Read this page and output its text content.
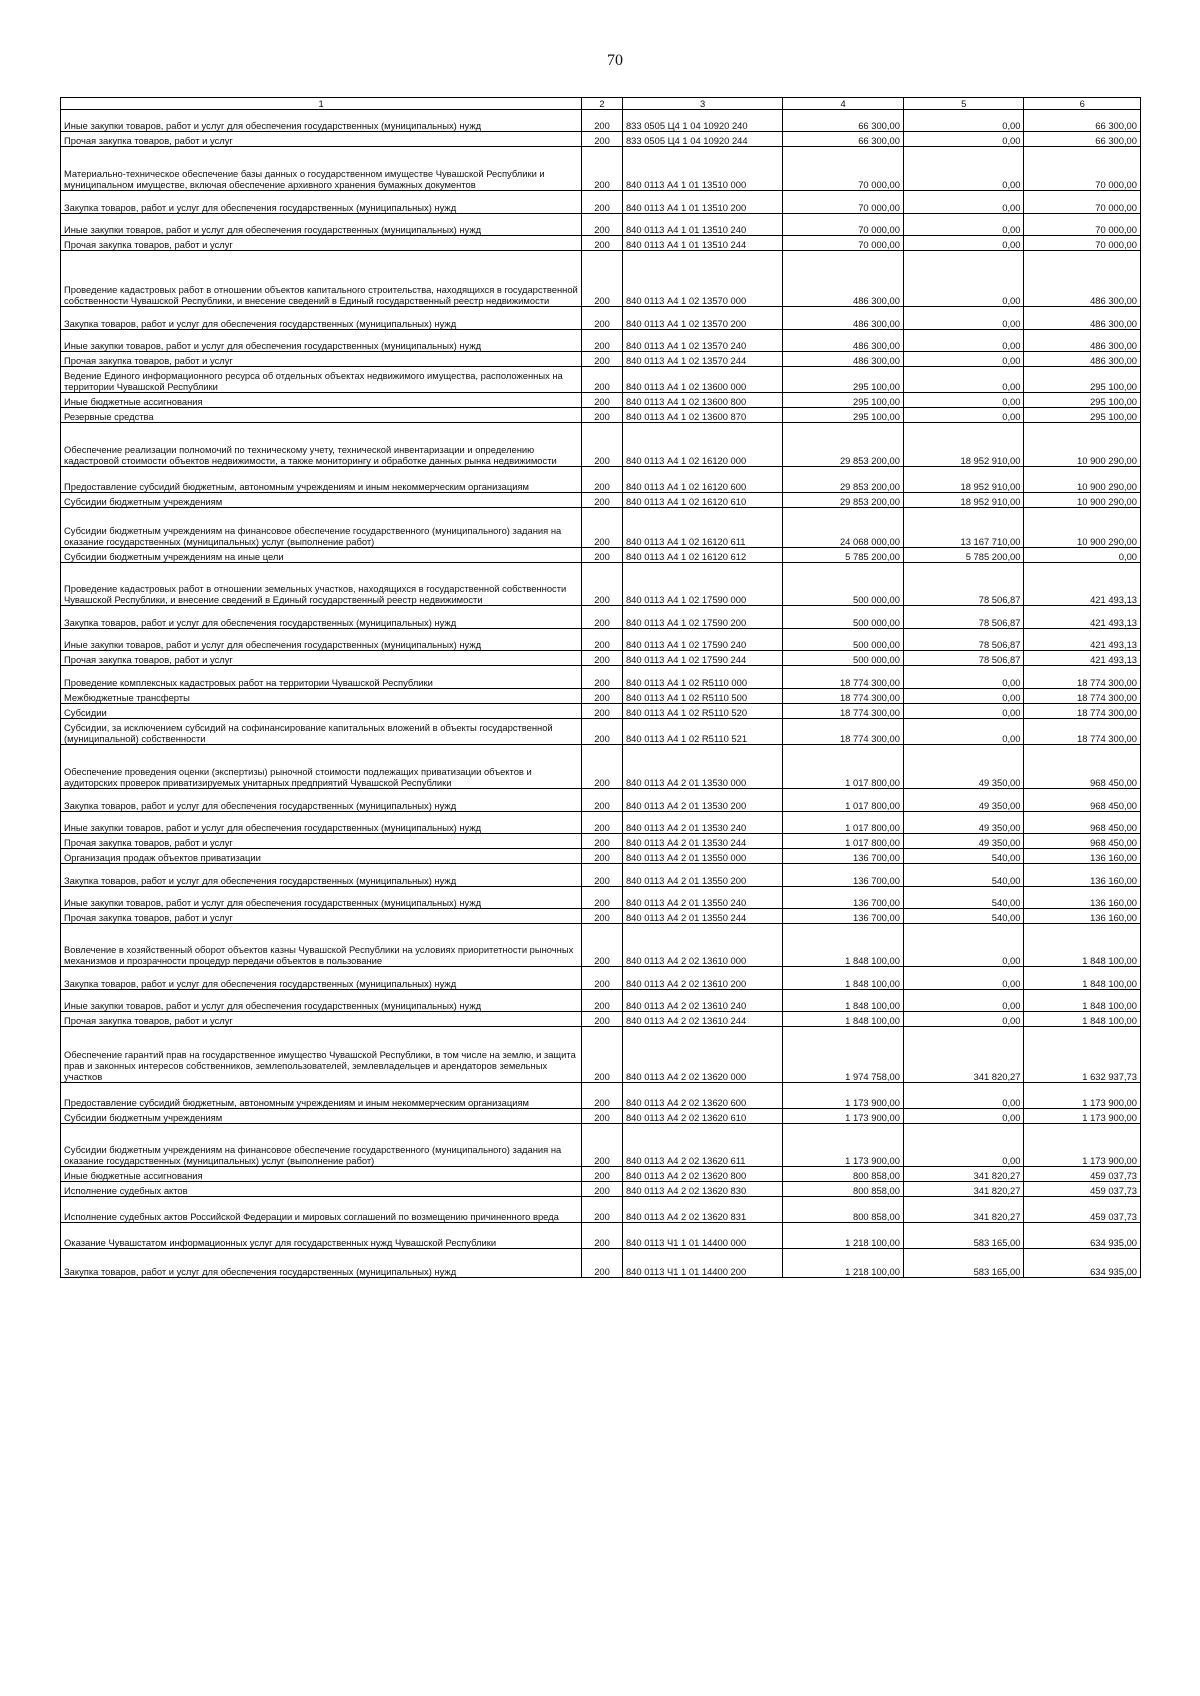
70
1	2	3	4	5	6
Иные закупки товаров, работ и услуг для обеспечения государственных (муниципальных) нужд	200	833 0505 Ц4 1 04 10920 240	66 300,00	0,00	66 300,00
Прочая закупка товаров, работ и услуг	200	833 0505 Ц4 1 04 10920 244	66 300,00	0,00	66 300,00
Материально-техническое обеспечение базы данных о государственном имуществе Чувашской Республики и муниципальном имуществе, включая обеспечение архивного хранения бумажных документов	200	840 0113 А4 1 01 13510 000	70 000,00	0,00	70 000,00
Закупка товаров, работ и услуг для обеспечения государственных (муниципальных) нужд	200	840 0113 А4 1 01 13510 200	70 000,00	0,00	70 000,00
Иные закупки товаров, работ и услуг для обеспечения государственных (муниципальных) нужд	200	840 0113 А4 1 01 13510 240	70 000,00	0,00	70 000,00
Прочая закупка товаров, работ и услуг	200	840 0113 А4 1 01 13510 244	70 000,00	0,00	70 000,00
Проведение кадастровых работ в отношении объектов капитального строительства, находящихся в государственной собственности Чувашской Республики, и внесение сведений в Единый государственный реестр недвижимости	200	840 0113 А4 1 02 13570 000	486 300,00	0,00	486 300,00
Закупка товаров, работ и услуг для обеспечения государственных (муниципальных) нужд	200	840 0113 А4 1 02 13570 200	486 300,00	0,00	486 300,00
Иные закупки товаров, работ и услуг для обеспечения государственных (муниципальных) нужд	200	840 0113 А4 1 02 13570 240	486 300,00	0,00	486 300,00
Прочая закупка товаров, работ и услуг	200	840 0113 А4 1 02 13570 244	486 300,00	0,00	486 300,00
Ведение Единого информационного ресурса об отдельных объектах недвижимого имущества, расположенных на территории Чувашской Республики	200	840 0113 А4 1 02 13600 000	295 100,00	0,00	295 100,00
Иные бюджетные ассигнования	200	840 0113 А4 1 02 13600 800	295 100,00	0,00	295 100,00
Резервные средства	200	840 0113 А4 1 02 13600 870	295 100,00	0,00	295 100,00
Обеспечение реализации полномочий по техническому учету, технической инвентаризации и определению кадастровой стоимости объектов недвижимости, а также мониторингу и обработке данных рынка недвижимости	200	840 0113 А4 1 02 16120 000	29 853 200,00	18 952 910,00	10 900 290,00
Предоставление субсидий бюджетным, автономным учреждениям и иным некоммерческим организациям	200	840 0113 А4 1 02 16120 600	29 853 200,00	18 952 910,00	10 900 290,00
Субсидии бюджетным учреждениям	200	840 0113 А4 1 02 16120 610	29 853 200,00	18 952 910,00	10 900 290,00
Субсидии бюджетным учреждениям на финансовое обеспечение государственного (муниципального) задания на оказание государственных (муниципальных) услуг (выполнение работ)	200	840 0113 А4 1 02 16120 611	24 068 000,00	13 167 710,00	10 900 290,00
Субсидии бюджетным учреждениям на иные цели	200	840 0113 А4 1 02 16120 612	5 785 200,00	5 785 200,00	0,00
Проведение кадастровых работ в отношении земельных участков, находящихся в государственной собственности Чувашской Республики, и внесение сведений в Единый государственный реестр недвижимости	200	840 0113 А4 1 02 17590 000	500 000,00	78 506,87	421 493,13
Закупка товаров, работ и услуг для обеспечения государственных (муниципальных) нужд	200	840 0113 А4 1 02 17590 200	500 000,00	78 506,87	421 493,13
Иные закупки товаров, работ и услуг для обеспечения государственных (муниципальных) нужд	200	840 0113 А4 1 02 17590 240	500 000,00	78 506,87	421 493,13
Прочая закупка товаров, работ и услуг	200	840 0113 А4 1 02 17590 244	500 000,00	78 506,87	421 493,13
Проведение комплексных кадастровых работ на территории Чувашской Республики	200	840 0113 А4 1 02 R5110 000	18 774 300,00	0,00	18 774 300,00
Межбюджетные трансферты	200	840 0113 А4 1 02 R5110 500	18 774 300,00	0,00	18 774 300,00
Субсидии	200	840 0113 А4 1 02 R5110 520	18 774 300,00	0,00	18 774 300,00
Субсидии, за исключением субсидий на софинансирование капитальных вложений в объекты государственной (муниципальной) собственности	200	840 0113 А4 1 02 R5110 521	18 774 300,00	0,00	18 774 300,00
Обеспечение проведения оценки (экспертизы) рыночной стоимости подлежащих приватизации объектов и аудиторских проверок приватизируемых унитарных предприятий Чувашской Республики	200	840 0113 А4 2 01 13530 000	1 017 800,00	49 350,00	968 450,00
Закупка товаров, работ и услуг для обеспечения государственных (муниципальных) нужд	200	840 0113 А4 2 01 13530 200	1 017 800,00	49 350,00	968 450,00
Иные закупки товаров, работ и услуг для обеспечения государственных (муниципальных) нужд	200	840 0113 А4 2 01 13530 240	1 017 800,00	49 350,00	968 450,00
Прочая закупка товаров, работ и услуг	200	840 0113 А4 2 01 13530 244	1 017 800,00	49 350,00	968 450,00
Организация продаж объектов приватизации	200	840 0113 А4 2 01 13550 000	136 700,00	540,00	136 160,00
Закупка товаров, работ и услуг для обеспечения государственных (муниципальных) нужд	200	840 0113 А4 2 01 13550 200	136 700,00	540,00	136 160,00
Иные закупки товаров, работ и услуг для обеспечения государственных (муниципальных) нужд	200	840 0113 А4 2 01 13550 240	136 700,00	540,00	136 160,00
Прочая закупка товаров, работ и услуг	200	840 0113 А4 2 01 13550 244	136 700,00	540,00	136 160,00
Вовлечение в хозяйственный оборот объектов казны Чувашской Республики на условиях приоритетности рыночных механизмов и прозрачности процедур передачи объектов в пользование	200	840 0113 А4 2 02 13610 000	1 848 100,00	0,00	1 848 100,00
Закупка товаров, работ и услуг для обеспечения государственных (муниципальных) нужд	200	840 0113 А4 2 02 13610 200	1 848 100,00	0,00	1 848 100,00
Иные закупки товаров, работ и услуг для обеспечения государственных (муниципальных) нужд	200	840 0113 А4 2 02 13610 240	1 848 100,00	0,00	1 848 100,00
Прочая закупка товаров, работ и услуг	200	840 0113 А4 2 02 13610 244	1 848 100,00	0,00	1 848 100,00
Обеспечение гарантий прав на государственное имущество Чувашской Республики, в том числе на землю, и защита прав и законных интересов собственников, землепользователей, землевладельцев и арендаторов земельных участков	200	840 0113 А4 2 02 13620 000	1 974 758,00	341 820,27	1 632 937,73
Предоставление субсидий бюджетным, автономным учреждениям и иным некоммерческим организациям	200	840 0113 А4 2 02 13620 600	1 173 900,00	0,00	1 173 900,00
Субсидии бюджетным учреждениям	200	840 0113 А4 2 02 13620 610	1 173 900,00	0,00	1 173 900,00
Субсидии бюджетным учреждениям на финансовое обеспечение государственного (муниципального) задания на оказание государственных (муниципальных) услуг (выполнение работ)	200	840 0113 А4 2 02 13620 611	1 173 900,00	0,00	1 173 900,00
Иные бюджетные ассигнования	200	840 0113 А4 2 02 13620 800	800 858,00	341 820,27	459 037,73
Исполнение судебных актов	200	840 0113 А4 2 02 13620 830	800 858,00	341 820,27	459 037,73
Исполнение судебных актов Российской Федерации и мировых соглашений по возмещению причиненного вреда	200	840 0113 А4 2 02 13620 831	800 858,00	341 820,27	459 037,73
Оказание Чувашстатом информационных услуг для государственных нужд Чувашской Республики	200	840 0113 Ч1 1 01 14400 000	1 218 100,00	583 165,00	634 935,00
Закупка товаров, работ и услуг для обеспечения государственных (муниципальных) нужд	200	840 0113 Ч1 1 01 14400 200	1 218 100,00	583 165,00	634 935,00
